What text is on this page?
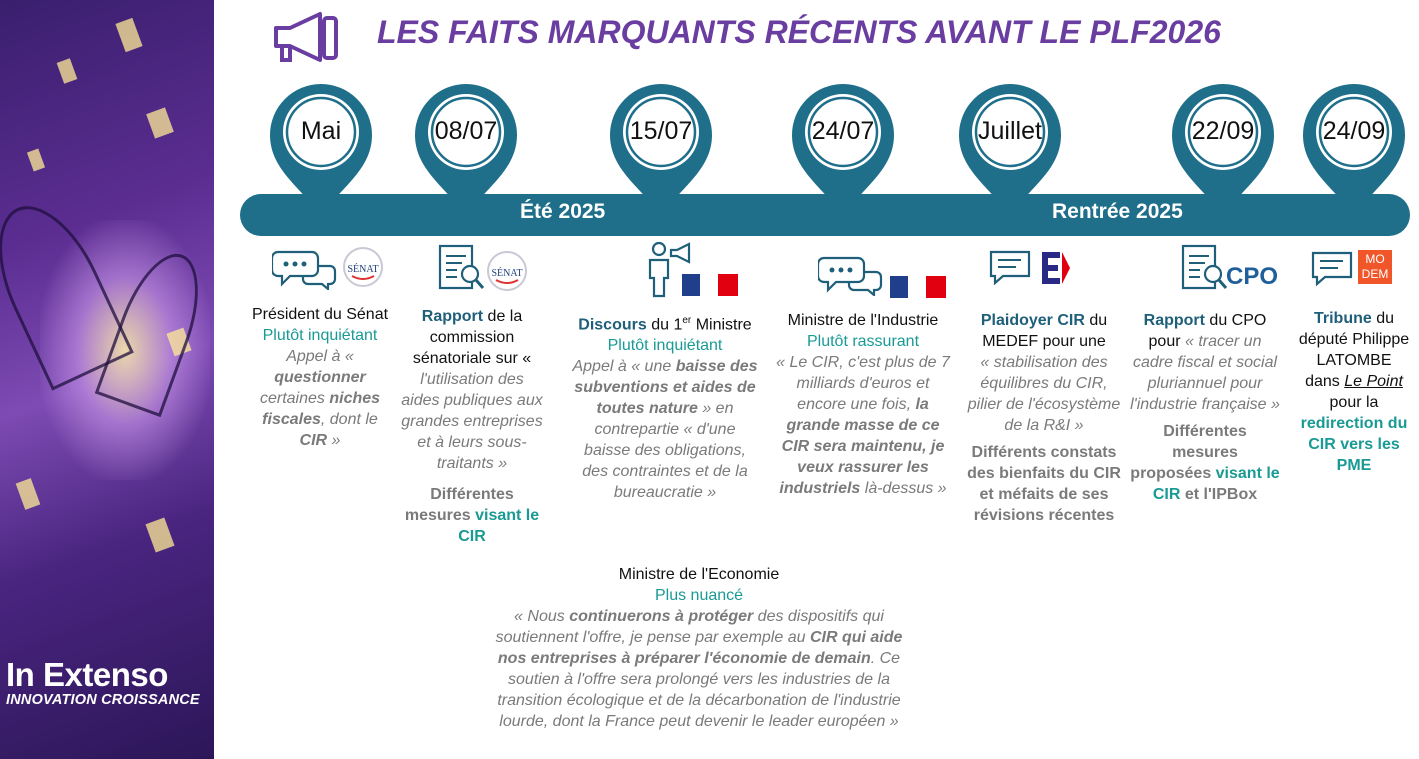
In Extenso
INNOVATION CROISSANCE
LES FAITS MARQUANTS RÉCENTS AVANT LE PLF2026
Été 2025	Rentrée 2025
Mai	08/07	15/07	24/07	Juillet	22/09	24/09
SÉNAT	SÉNAT	CPO
MO
DEM

Président du Sénat

Plutôt inquiétant

Appel à « questionner certaines niches fiscales, dont le CIR »

Rapport de la commission sénatoriale sur « l'utilisation des aides publiques aux grandes entreprises et à leurs sous-traitants »

Différentes mesures visant le CIR

Discours du 1er Ministre

Plutôt inquiétant

Appel à « une baisse des subventions et aides de toutes nature » en contrepartie « d'une baisse des obligations, des contraintes et de la bureaucratie »

Ministre de l'Industrie

Plutôt rassurant

« Le CIR, c'est plus de 7 milliards d'euros et encore une fois, la grande masse de ce CIR sera maintenu, je veux rassurer les industriels là-dessus »

Plaidoyer CIR du MEDEF pour une

« stabilisation des équilibres du CIR, pilier de l'écosystème de la R&I »

Différents constats des bienfaits du CIR et méfaits de ses révisions récentes

Rapport du CPO pour « tracer un cadre fiscal et social pluriannuel pour l'industrie française »

Différentes mesures proposées visant le CIR et l'IPBox

Tribune du député Philippe LATOMBE dans Le Point pour la redirection du CIR vers les PME

Ministre de l'Economie

Plus nuancé

« Nous continuerons à protéger des dispositifs qui soutiennent l'offre, je pense par exemple au CIR qui aide nos entreprises à préparer l'économie de demain. Ce soutien à l'offre sera prolongé vers les industries de la transition écologique et de la décarbonation de l'industrie lourde, dont la France peut devenir le leader européen »
